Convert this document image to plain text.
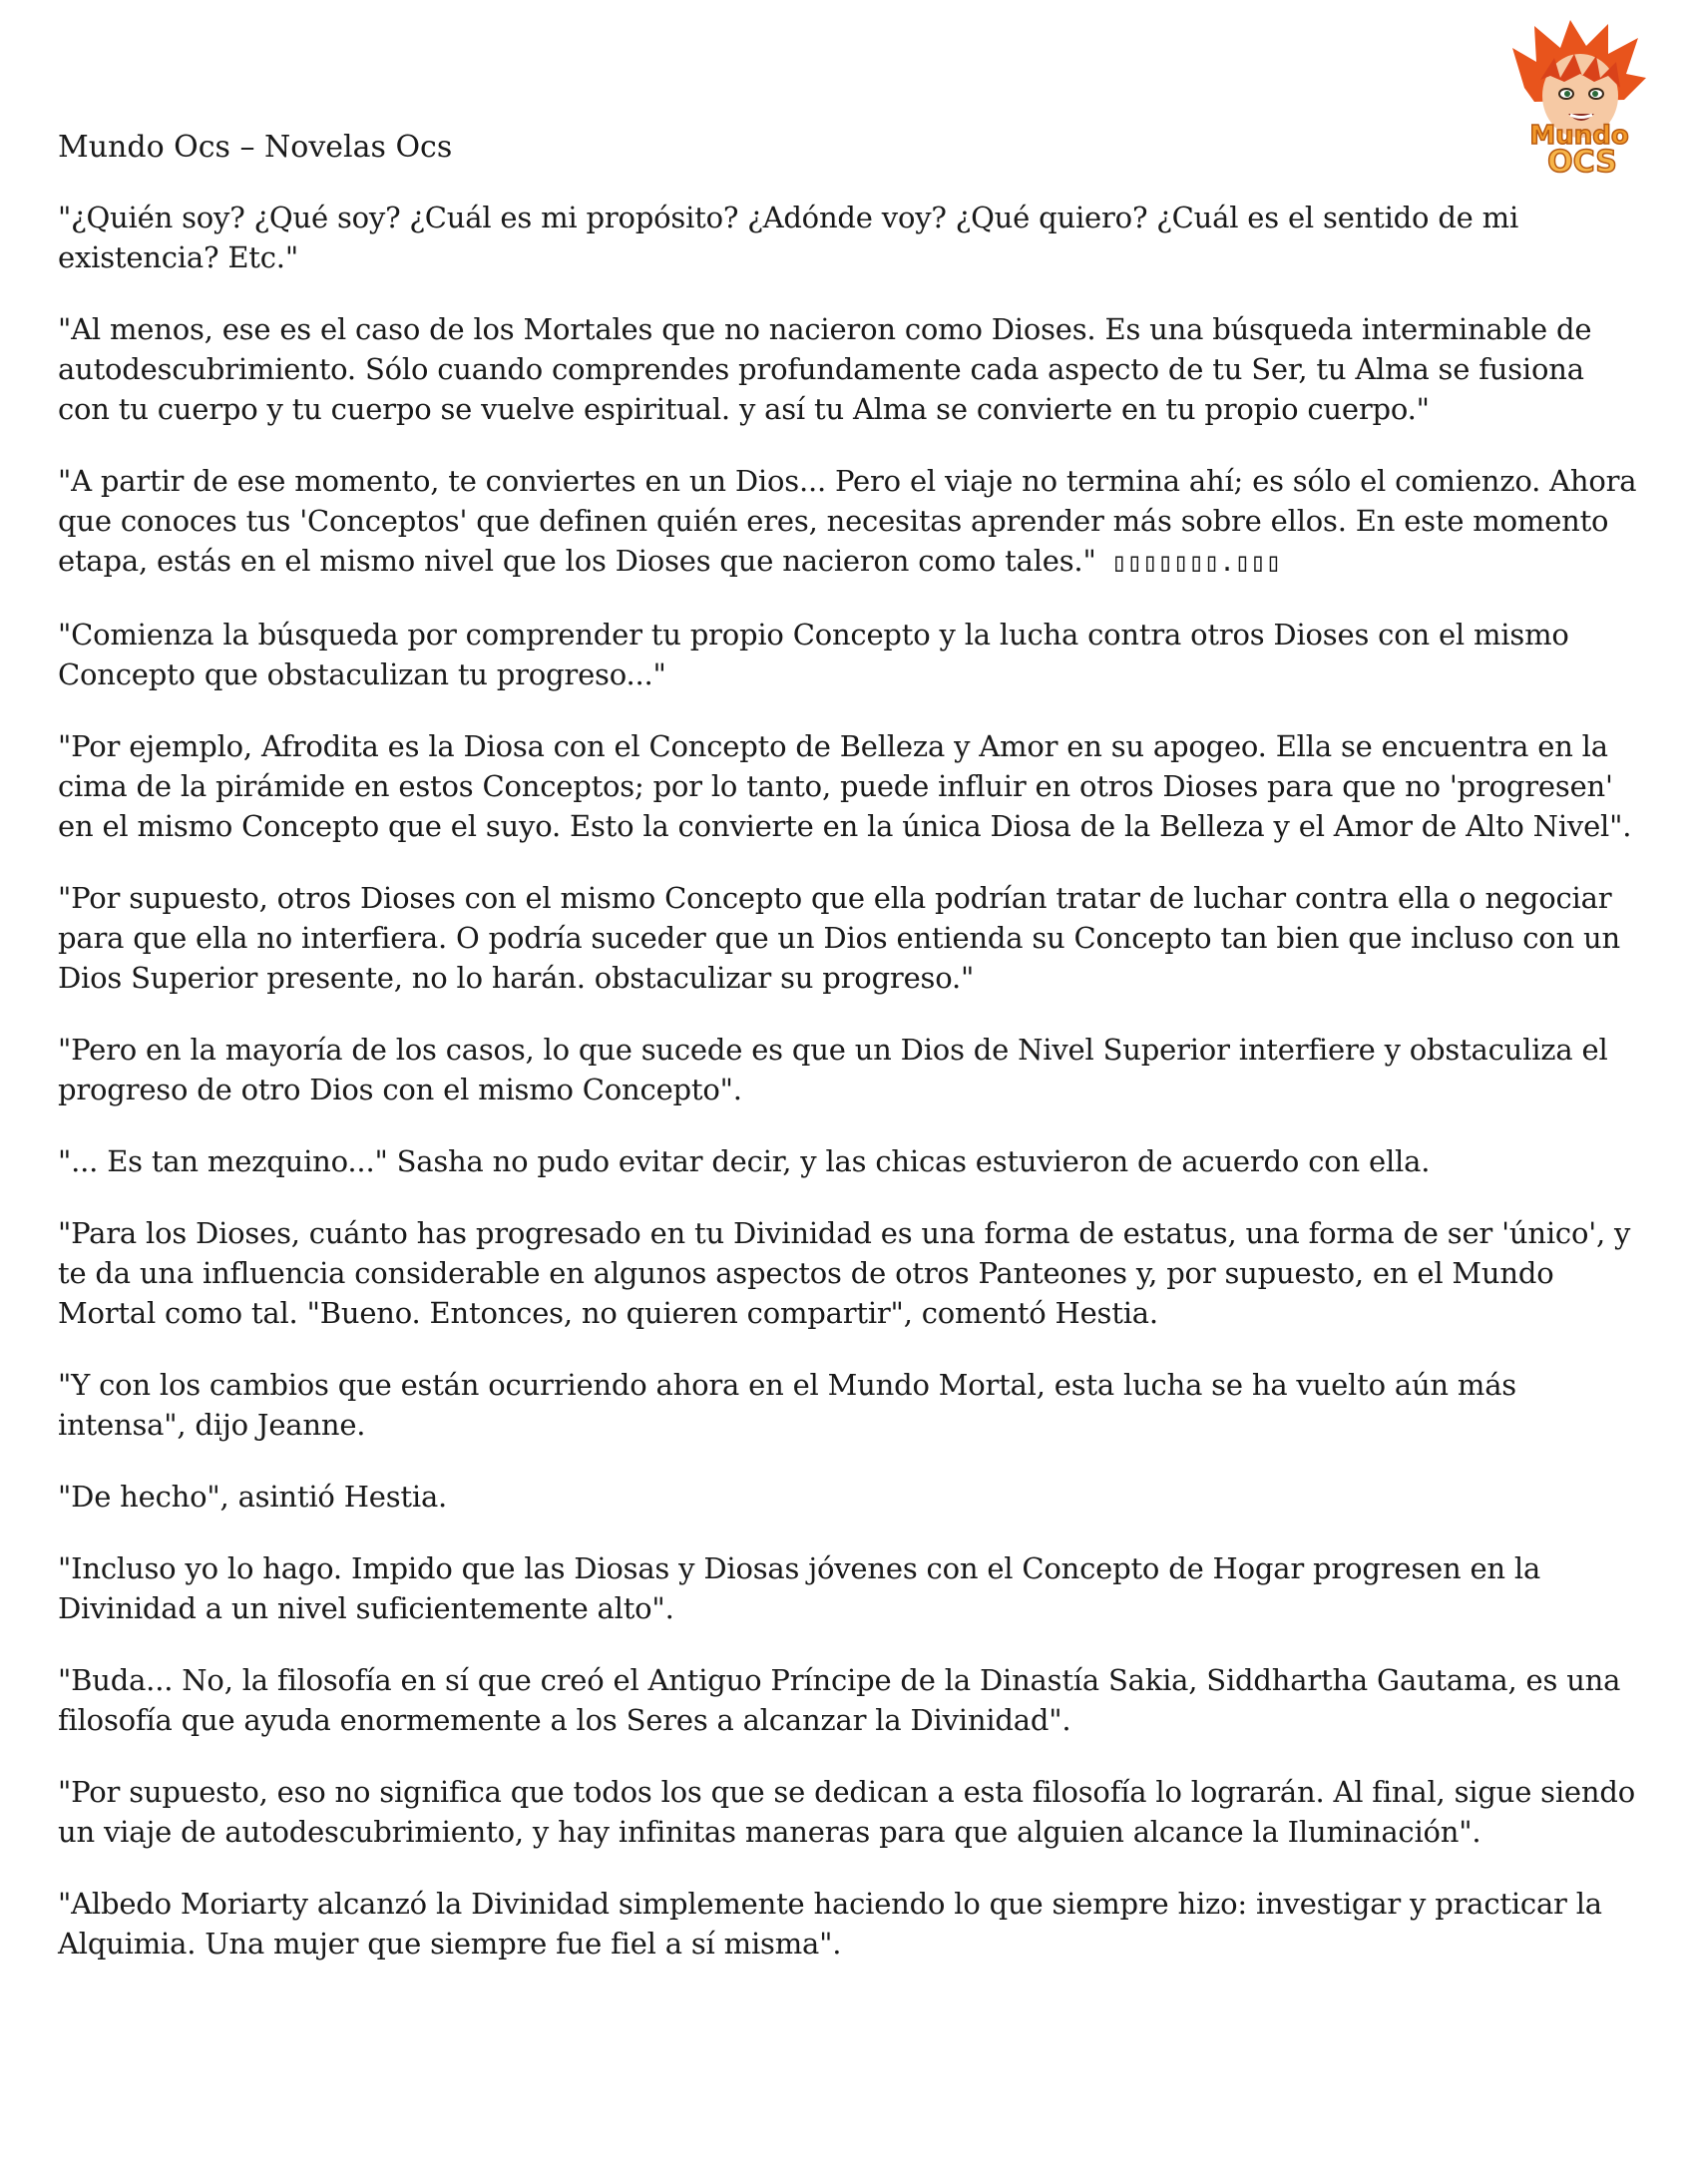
Mundo
OCS
Mundo Ocs – Novelas Ocs

"¿Quién soy? ¿Qué soy? ¿Cuál es mi propósito? ¿Adónde voy? ¿Qué quiero? ¿Cuál es el sentido de mi existencia? Etc."

"Al menos, ese es el caso de los Mortales que no nacieron como Dioses. Es una búsqueda interminable de autodescubrimiento. Sólo cuando comprendes profundamente cada aspecto de tu Ser, tu Alma se fusiona con tu cuerpo y tu cuerpo se vuelve espiritual. y así tu Alma se convierte en tu propio cuerpo."

"A partir de ese momento, te conviertes en un Dios... Pero el viaje no termina ahí; es sólo el comienzo. Ahora que conoces tus 'Conceptos' que definen quién eres, necesitas aprender más sobre ellos. En este momento etapa, estás en el mismo nivel que los Dioses que nacieron como tales." ▯▯▯▯▯▯▯.▯▯▯

"Comienza la búsqueda por comprender tu propio Concepto y la lucha contra otros Dioses con el mismo Concepto que obstaculizan tu progreso..."

"Por ejemplo, Afrodita es la Diosa con el Concepto de Belleza y Amor en su apogeo. Ella se encuentra en la cima de la pirámide en estos Conceptos; por lo tanto, puede influir en otros Dioses para que no 'progresen' en el mismo Concepto que el suyo. Esto la convierte en la única Diosa de la Belleza y el Amor de Alto Nivel".

"Por supuesto, otros Dioses con el mismo Concepto que ella podrían tratar de luchar contra ella o negociar para que ella no interfiera. O podría suceder que un Dios entienda su Concepto tan bien que incluso con un Dios Superior presente, no lo harán. obstaculizar su progreso."

"Pero en la mayoría de los casos, lo que sucede es que un Dios de Nivel Superior interfiere y obstaculiza el progreso de otro Dios con el mismo Concepto".

"... Es tan mezquino..." Sasha no pudo evitar decir, y las chicas estuvieron de acuerdo con ella.

"Para los Dioses, cuánto has progresado en tu Divinidad es una forma de estatus, una forma de ser 'único', y te da una influencia considerable en algunos aspectos de otros Panteones y, por supuesto, en el Mundo Mortal como tal. "Bueno. Entonces, no quieren compartir", comentó Hestia.

"Y con los cambios que están ocurriendo ahora en el Mundo Mortal, esta lucha se ha vuelto aún más intensa", dijo Jeanne.

"De hecho", asintió Hestia.

"Incluso yo lo hago. Impido que las Diosas y Diosas jóvenes con el Concepto de Hogar progresen en la Divinidad a un nivel suficientemente alto".

"Buda... No, la filosofía en sí que creó el Antiguo Príncipe de la Dinastía Sakia, Siddhartha Gautama, es una filosofía que ayuda enormemente a los Seres a alcanzar la Divinidad".

"Por supuesto, eso no significa que todos los que se dedican a esta filosofía lo lograrán. Al final, sigue siendo un viaje de autodescubrimiento, y hay infinitas maneras para que alguien alcance la Iluminación".

"Albedo Moriarty alcanzó la Divinidad simplemente haciendo lo que siempre hizo: investigar y practicar la Alquimia. Una mujer que siempre fue fiel a sí misma".
